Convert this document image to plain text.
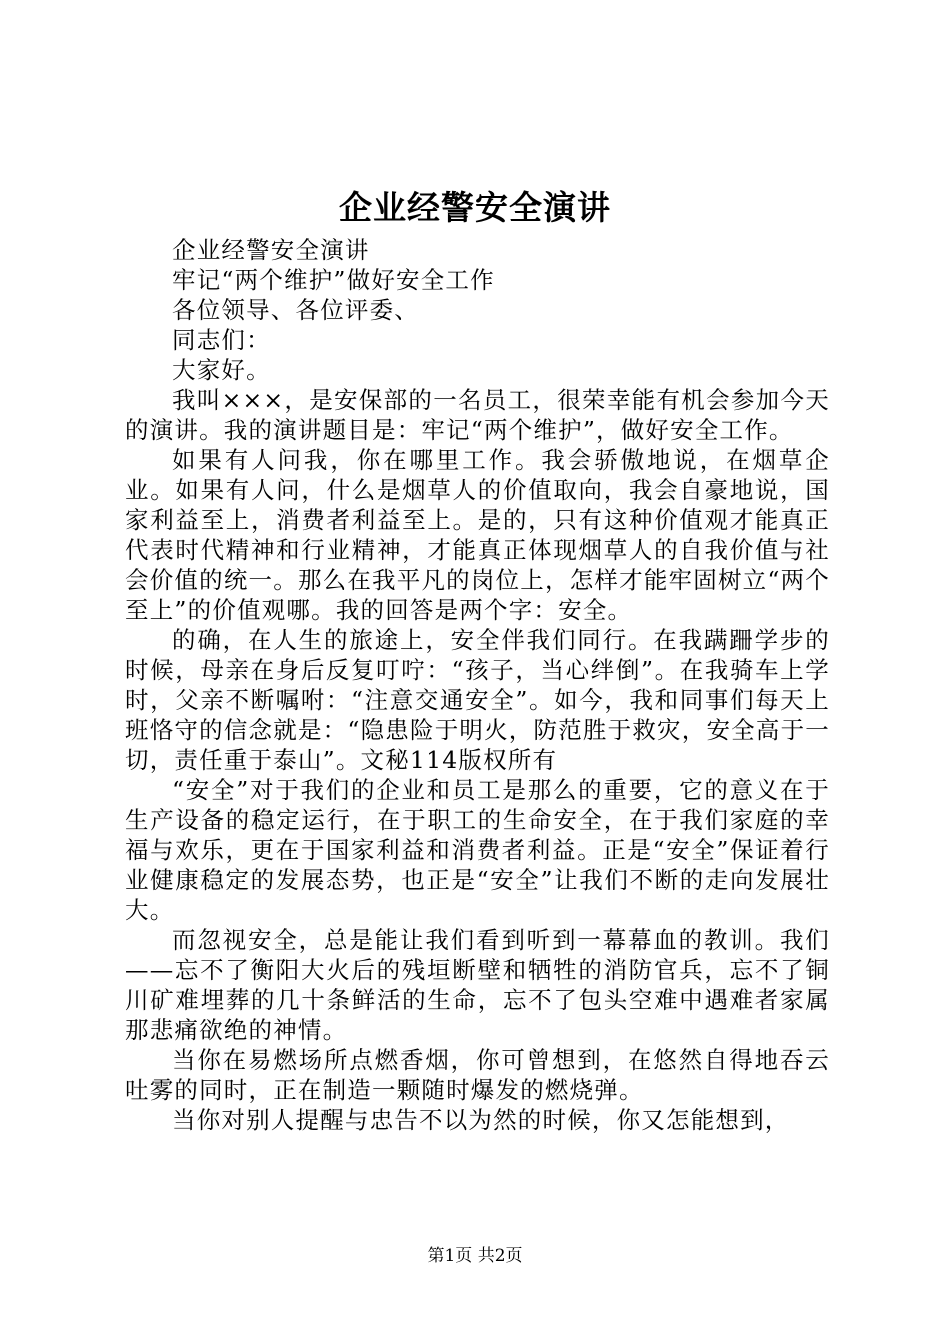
企业经警安全演讲

企业经警安全演讲

牢记“两个维护”做好安全工作

各位领导、各位评委、

同志们：

大家好。

我叫×××，是安保部的一名员工，很荣幸能有机会参加今天的演讲。我的演讲题目是：牢记“两个维护”，做好安全工作。

如果有人问我，你在哪里工作。我会骄傲地说，在烟草企业。如果有人问，什么是烟草人的价值取向，我会自豪地说，国家利益至上，消费者利益至上。是的，只有这种价值观才能真正代表时代精神和行业精神，才能真正体现烟草人的自我价值与社会价值的统一。那么在我平凡的岗位上，怎样才能牢固树立“两个至上”的价值观哪。我的回答是两个字：安全。

的确，在人生的旅途上，安全伴我们同行。在我蹒跚学步的时候，母亲在身后反复叮咛：“孩子，当心绊倒”。在我骑车上学时，父亲不断嘱咐：“注意交通安全”。如今，我和同事们每天上班恪守的信念就是：“隐患险于明火，防范胜于救灾，安全高于一切，责任重于泰山”。文秘114版权所有

“安全”对于我们的企业和员工是那么的重要，它的意义在于生产设备的稳定运行，在于职工的生命安全，在于我们家庭的幸福与欢乐，更在于国家利益和消费者利益。正是“安全”保证着行业健康稳定的发展态势，也正是“安全”让我们不断的走向发展壮大。

而忽视安全，总是能让我们看到听到一幕幕血的教训。我们——忘不了衡阳大火后的残垣断壁和牺牲的消防官兵，忘不了铜川矿难埋葬的几十条鲜活的生命，忘不了包头空难中遇难者家属那悲痛欲绝的神情。

当你在易燃场所点燃香烟，你可曾想到，在悠然自得地吞云吐雾的同时，正在制造一颗随时爆发的燃烧弹。

当你对别人提醒与忠告不以为然的时候，你又怎能想到，

第1页 共2页
